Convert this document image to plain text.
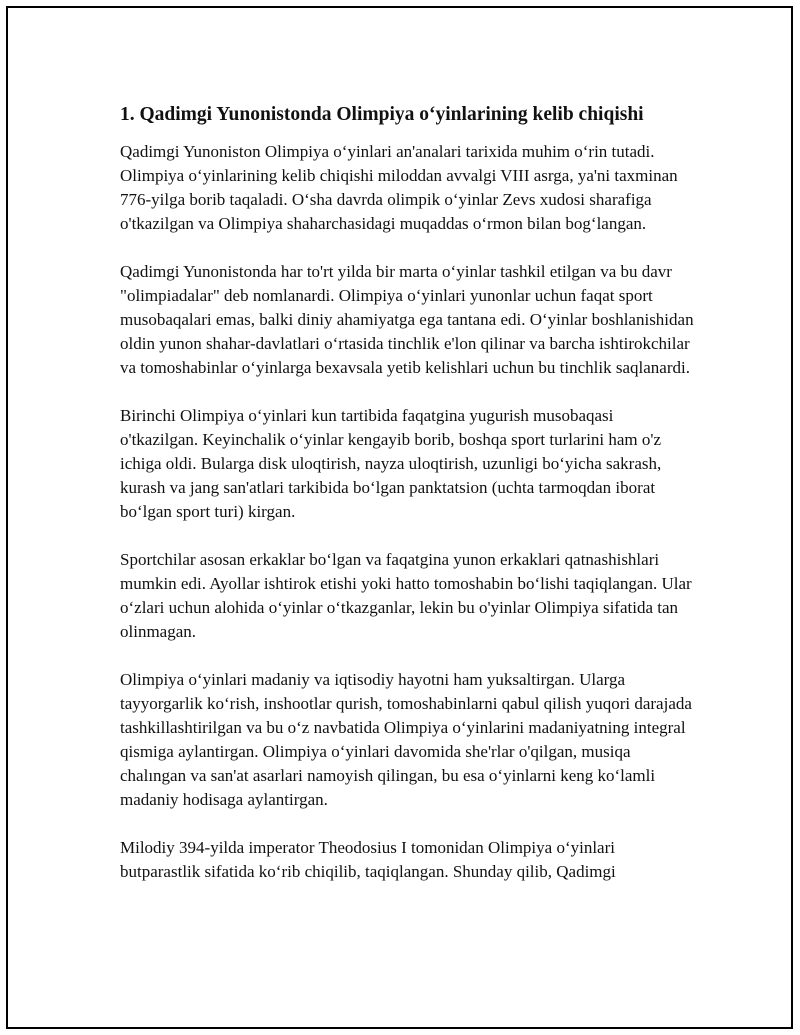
1. Qadimgi Yunonistonda Olimpiya o‘yinlarining kelib chiqishi

Qadimgi Yunoniston Olimpiya o‘yinlari an'analari tarixida muhim o‘rin tutadi. Olimpiya o‘yinlarining kelib chiqishi miloddan avvalgi VIII asrga, ya'ni taxminan 776-yilga borib taqaladi. O‘sha davrda olimpik o‘yinlar Zevs xudosi sharafiga o'tkazilgan va Olimpiya shaharchasidagi muqaddas o‘rmon bilan bog‘langan.

Qadimgi Yunonistonda har to'rt yilda bir marta o‘yinlar tashkil etilgan va bu davr "olimpiadalar" deb nomlanardi. Olimpiya o‘yinlari yunonlar uchun faqat sport musobaqalari emas, balki diniy ahamiyatga ega tantana edi. O‘yinlar boshlanishidan oldin yunon shahar-davlatlari o‘rtasida tinchlik e'lon qilinar va barcha ishtirokchilar va tomoshabinlar o‘yinlarga bexavsala yetib kelishlari uchun bu tinchlik saqlanardi.

Birinchi Olimpiya o‘yinlari kun tartibida faqatgina yugurish musobaqasi o'tkazilgan. Keyinchalik o‘yinlar kengayib borib, boshqa sport turlarini ham o'z ichiga oldi. Bularga disk uloqtirish, nayza uloqtirish, uzunligi bo‘yicha sakrash, kurash va jang san'atlari tarkibida bo‘lgan panktatsion (uchta tarmoqdan iborat bo‘lgan sport turi) kirgan.

Sportchilar asosan erkaklar bo‘lgan va faqatgina yunon erkaklari qatnashishlari mumkin edi. Ayollar ishtirok etishi yoki hatto tomoshabin bo‘lishi taqiqlangan. Ular o‘zlari uchun alohida o‘yinlar o‘tkazganlar, lekin bu o'yinlar Olimpiya sifatida tan olinmagan.

Olimpiya o‘yinlari madaniy va iqtisodiy hayotni ham yuksaltirgan. Ularga tayyorgarlik ko‘rish, inshootlar qurish, tomoshabinlarni qabul qilish yuqori darajada tashkillashtirilgan va bu o‘z navbatida Olimpiya o‘yinlarini madaniyatning integral qismiga aylantirgan. Olimpiya o‘yinlari davomida she'rlar o'qilgan, musiqa chalıngan va san'at asarlari namoyish qilingan, bu esa o‘yinlarni keng ko‘lamli madaniy hodisaga aylantirgan.

Milodiy 394-yilda imperator Theodosius I tomonidan Olimpiya o‘yinlari butparastlik sifatida ko‘rib chiqilib, taqiqlangan. Shunday qilib, Qadimgi
